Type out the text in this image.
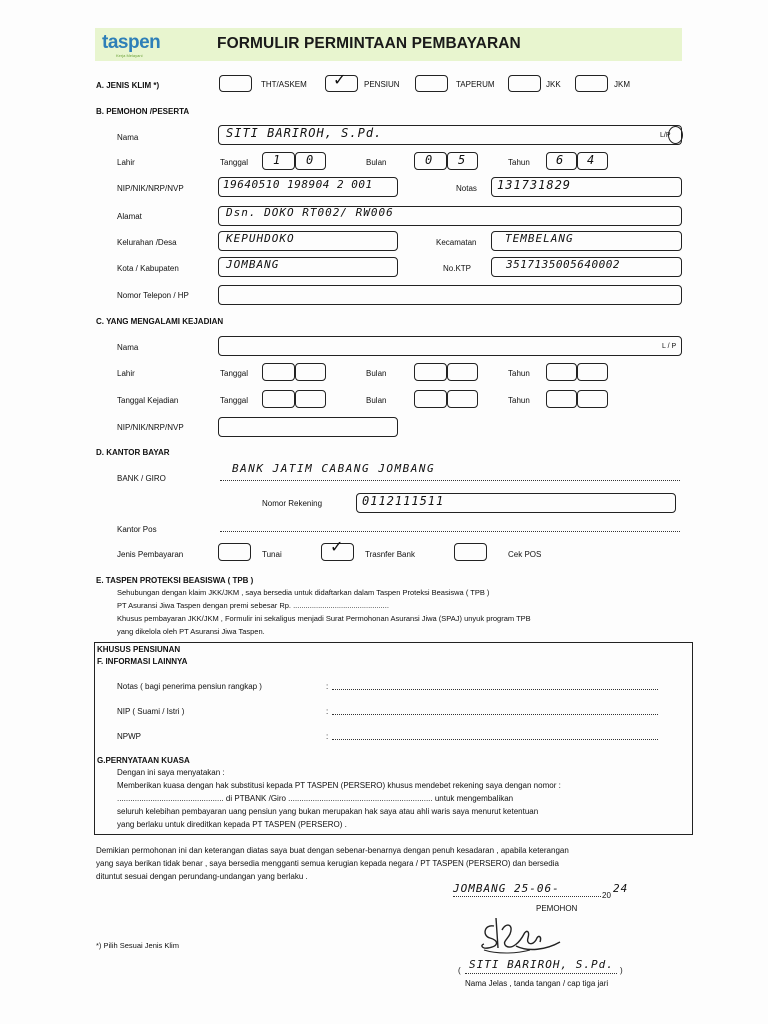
taspen
Kerja Melayani
FORMULIR PERMINTAAN PEMBAYARAN
A. JENIS KLIM *)	THT/ASKEM ✓ PENSIUN	TAPERUM	JKK	JKM
B. PEMOHON /PESERTA
Nama	SITI BARIROH, S.Pd.	L/P
Lahir	Tanggal 1 0	Bulan	0 5	Tahun 6 4
NIP/NIK/NRP/NVP	19640510 198904 2 001	Notas 131731829
Alamat	Dsn. DOKO RT002/ RW006
Kelurahan /Desa	KEPUHDOKO	Kecamatan	TEMBELANG
Kota / Kabupaten	JOMBANG	No.KTP	3517135005640002
Nomor Telepon / HP
C. YANG MENGALAMI KEJADIAN
Nama	L / P
Lahir	Tanggal	Bulan	Tahun
Tanggal Kejadian	Tanggal	Bulan	Tahun
NIP/NIK/NRP/NVP
D. KANTOR BAYAR
BANK / GIRO
BANK JATIM CABANG JOMBANG
Nomor Rekening	0112111511
Kantor Pos
Jenis Pembayaran	Tunai	✓	Trasnfer Bank	Cek POS
E. TASPEN PROTEKSI BEASISWA ( TPB )
Sehubungan dengan klaim JKK/JKM , saya bersedia untuk didaftarkan dalam Taspen Proteksi Beasiswa ( TPB )
PT Asuransi Jiwa Taspen dengan premi sebesar Rp. ..............................................
Khusus pembayaran JKK/JKM , Formulir ini sekaligus menjadi Surat Permohonan Asuransi Jiwa (SPAJ) unyuk program TPB
yang dikelola oleh PT Asuransi Jiwa Taspen.
KHUSUS PENSIUNAN
F. INFORMASI LAINNYA
Notas ( bagi penerima pensiun rangkap )	:
NIP ( Suami / Istri )	:
NPWP	:
G.PERNYATAAN KUASA
Dengan ini saya menyatakan :
Memberikan kuasa dengan hak substitusi kepada PT TASPEN (PERSERO) khusus mendebet rekening saya dengan nomor :
................................................ di PTBANK /Giro ................................................................. untuk mengembalikan
seluruh kelebihan pembayaran uang pensiun yang bukan merupakan hak saya atau ahli waris saya menurut ketentuan
yang berlaku untuk direditkan kepada PT TASPEN (PERSERO) .
Demikian permohonan ini dan keterangan diatas saya buat dengan sebenar-benarnya dengan penuh kesadaran , apabila keterangan
yang saya berikan tidak benar , saya bersedia mengganti semua kerugian kepada negara / PT TASPEN (PERSERO) dan bersedia
dituntut sesuai dengan perundang-undangan yang berlaku .
JOMBANG 25-06-
20
24
PEMOHON
( SITI BARIROH, S.Pd. )
Nama Jelas , tanda tangan / cap tiga jari
*) Pilih Sesuai Jenis Klim
